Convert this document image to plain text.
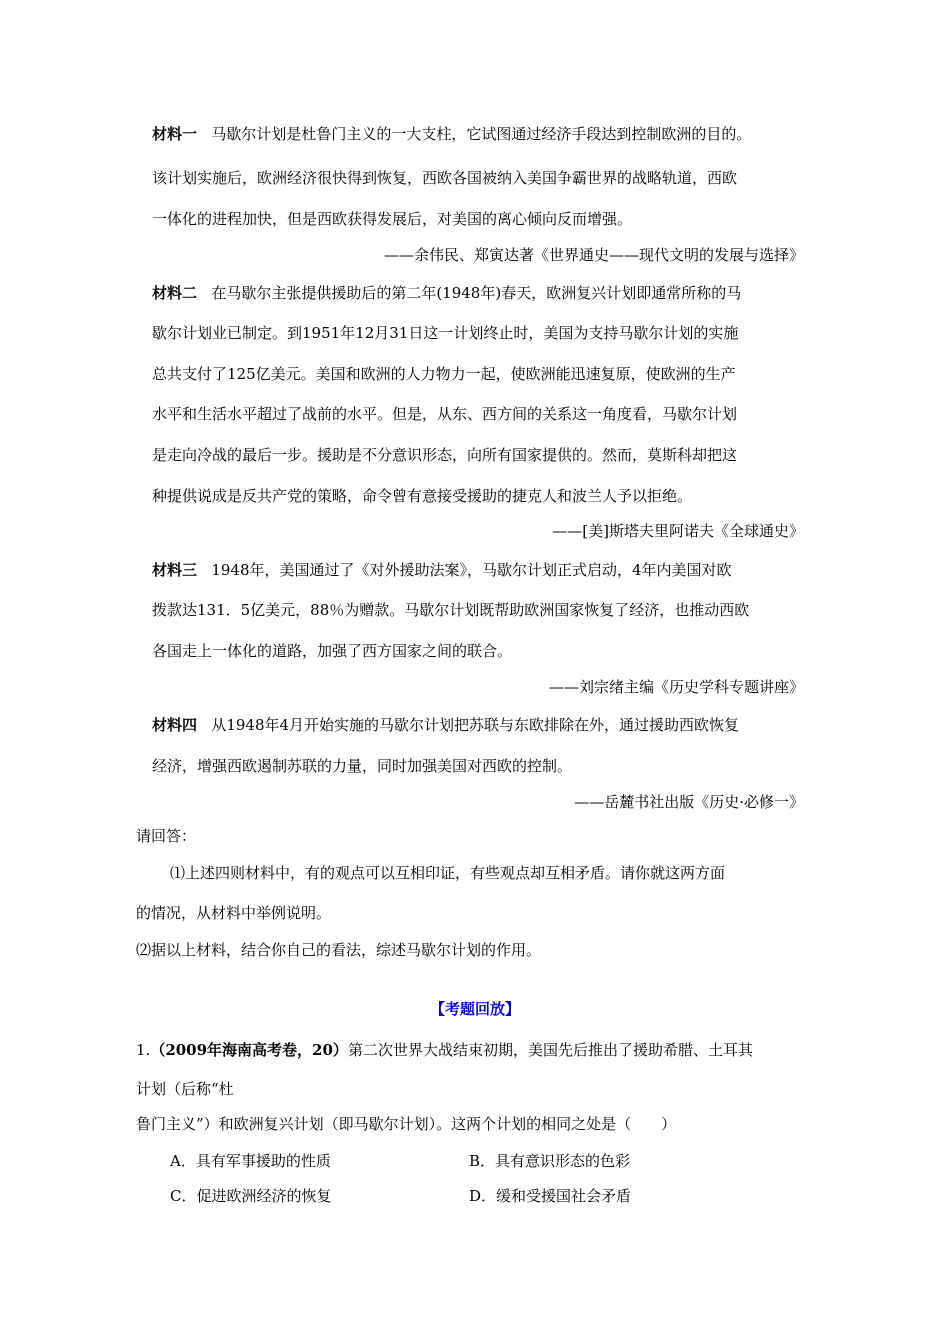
材料一 马歇尔计划是杜鲁门主义的一大支柱，它试图通过经济手段达到控制欧洲的目的。
该计划实施后，欧洲经济很快得到恢复，西欧各国被纳入美国争霸世界的战略轨道，西欧
一体化的进程加快，但是西欧获得发展后，对美国的离心倾向反而增强。
——余伟民、郑寅达著《世界通史——现代文明的发展与选择》
材料二 在马歇尔主张提供援助后的第二年(1948年)春天，欧洲复兴计划即通常所称的马
歇尔计划业已制定。到1951年12月31日这一计划终止时，美国为支持马歇尔计划的实施
总共支付了125亿美元。美国和欧洲的人力物力一起，使欧洲能迅速复原，使欧洲的生产
水平和生活水平超过了战前的水平。但是，从东、西方间的关系这一角度看，马歇尔计划
是走向冷战的最后一步。援助是不分意识形态，向所有国家提供的。然而，莫斯科却把这
种提供说成是反共产党的策略，命令曾有意接受援助的捷克人和波兰人予以拒绝。
——[美]斯塔夫里阿诺夫《全球通史》
材料三 1948年，美国通过了《对外援助法案》，马歇尔计划正式启动，4年内美国对欧
拨款达131．5亿美元，88％为赠款。马歇尔计划既帮助欧洲国家恢复了经济，也推动西欧
各国走上一体化的道路，加强了西方国家之间的联合。
——刘宗绪主编《历史学科专题讲座》
材料四 从1948年4月开始实施的马歇尔计划把苏联与东欧排除在外，通过援助西欧恢复
经济，增强西欧遏制苏联的力量，同时加强美国对西欧的控制。
——岳麓书社出版《历史·必修一》
请回答：
⑴上述四则材料中，有的观点可以互相印证，有些观点却互相矛盾。请你就这两方面
的情况，从材料中举例说明。
⑵据以上材料，结合你自己的看法，综述马歇尔计划的作用。
【考题回放】
1.（2009年海南高考卷，20）第二次世界大战结束初期，美国先后推出了援助希腊、土耳其
计划（后称“杜
鲁门主义”）和欧洲复兴计划（即马歇尔计划）。这两个计划的相同之处是（　　）
A．具有军事援助的性质	B．具有意识形态的色彩
C．促进欧洲经济的恢复	D．缓和受援国社会矛盾
